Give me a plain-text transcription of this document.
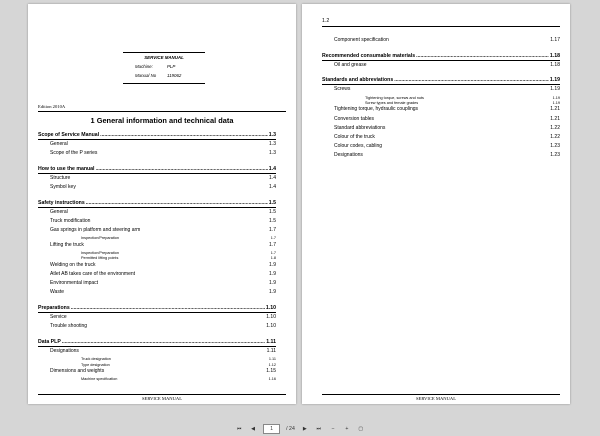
SERVICE MANUAL
Machine:	PLP
Manual No 119062
Edition 2010A
1 General information and technical data
Scope of Service Manual .....	1.3
General	1.3
Scope of the P series	1.3
How to use the manual .....	1.4
Structure	1.4
Symbol key	1.4
Safety instructions .....	1.5
General	1.5
Truck modification	1.5
Gas springs in platform and steering arm	1.7
Inspection/Preparation	1.7
Lifting the truck	1.7
Inspection/Preparation	1.7
Permitted lifting points	1.8
Welding on the truck	1.9
Atlet AB takes care of the environment	1.9
Environmental impact	1.9
Waste	1.9
Preparations .....	1.10
Service	1.10
Trouble shooting	1.10
Data PLP .....	1.11
Designations	1.11
Truck designation	1.11
Type designation	1.12
Dimensions and weights	1.15
Machine specification	1.16
SERVICE MANUAL
1.2
Component specification	1.17
Recommended consumable materials .....	1.18
Oil and grease	1.18
Standards and abbreviations .....	1.19
Screws	1.19
Tightening torque, screws and nuts	1.19
Screw types and female grades	1.19
Tightening torque, hydraulic couplings	1.21
Conversion tables	1.21
Standard abbreviations	1.22
Colour of the truck	1.22
Colour codes, cabling	1.23
Designations	1.23
SERVICE MANUAL
⏮	◀	1	/ 24	▶	⏭	−	+	▢
